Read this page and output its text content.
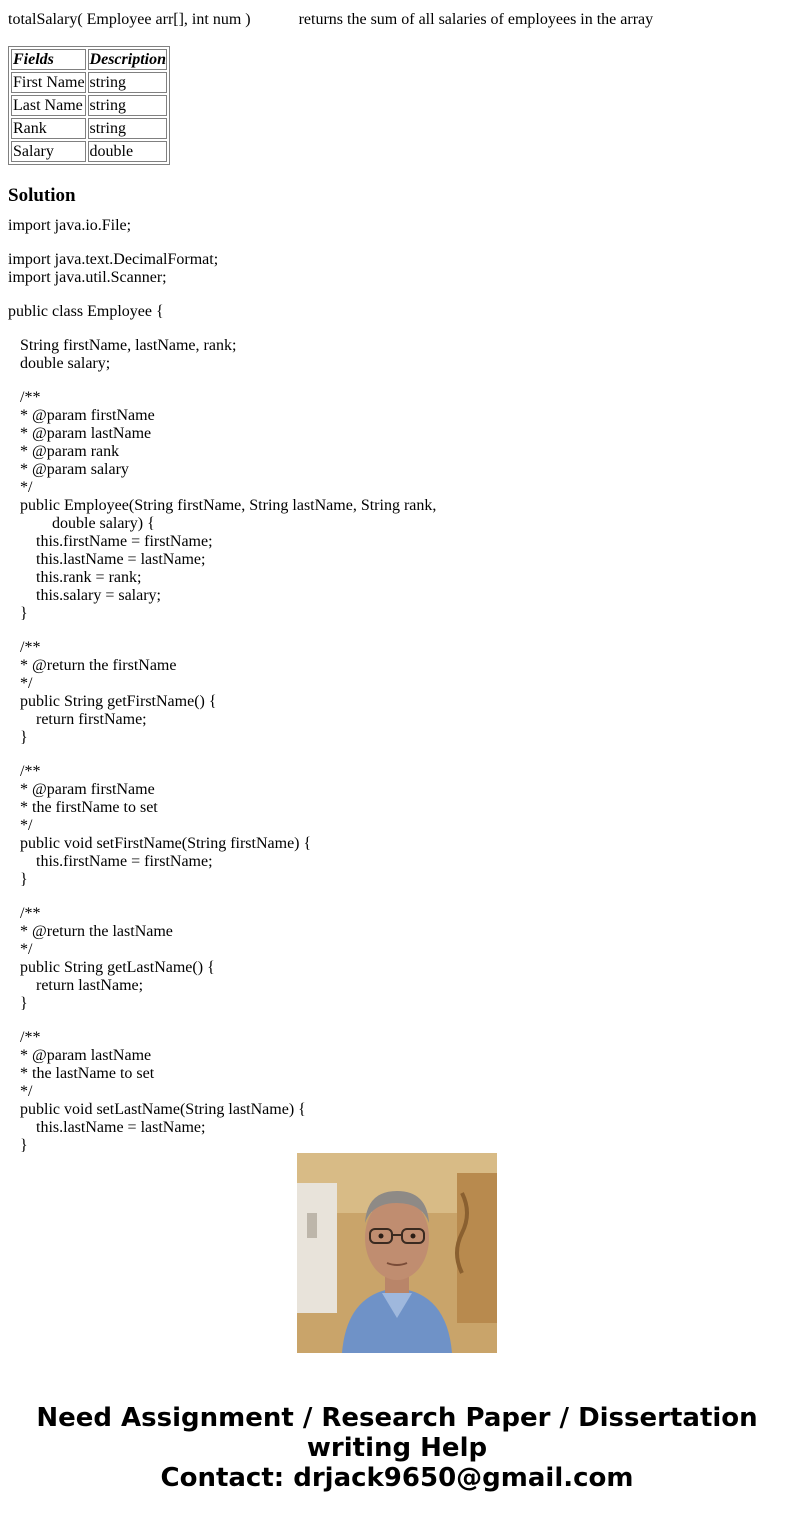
totalSalary( Employee arr[], int num )	returns the sum of all salaries of employees in the array
Fields	Description
First Name	string
Last Name	string
Rank	string
Salary	double
Solution

import java.io.File;

import java.text.DecimalFormat;
import java.util.Scanner;

public class Employee {

String firstName, lastName, rank;
double salary;

/**
* @param firstName
* @param lastName
* @param rank
* @param salary
*/
public Employee(String firstName, String lastName, String rank,
double salary) {
this.firstName = firstName;
this.lastName = lastName;
this.rank = rank;
this.salary = salary;
}

/**
* @return the firstName
*/
public String getFirstName() {
return firstName;
}

/**
* @param firstName
* the firstName to set
*/
public void setFirstName(String firstName) {
this.firstName = firstName;
}

/**
* @return the lastName
*/
public String getLastName() {
return lastName;
}

/**
* @param lastName
* the lastName to set
*/
public void setLastName(String lastName) {
this.lastName = lastName;
}

Need Assignment / Research Paper / Dissertation
writing Help
Contact: drjack9650@gmail.com
